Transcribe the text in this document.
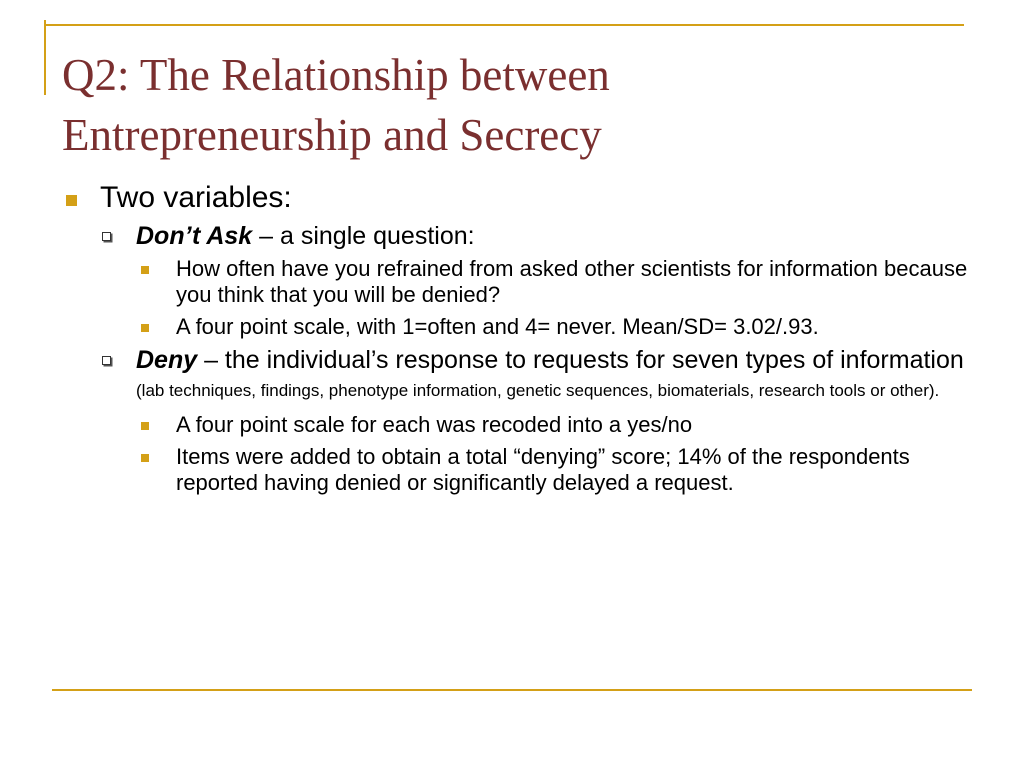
Q2: The Relationship between
Entrepreneurship and Secrecy
Two variables:
Don’t Ask – a single question:
How often have you refrained from asked other scientists for information because you think that you will be denied?
A four point scale, with 1=often and 4= never. Mean/SD= 3.02/.93.
Deny – the individual’s response to requests for seven types of information (lab techniques, findings, phenotype information, genetic sequences, biomaterials, research tools or other).
A four point scale for each was recoded into a yes/no
Items were added to obtain a total “denying” score; 14% of the respondents reported having denied or significantly delayed a request.
